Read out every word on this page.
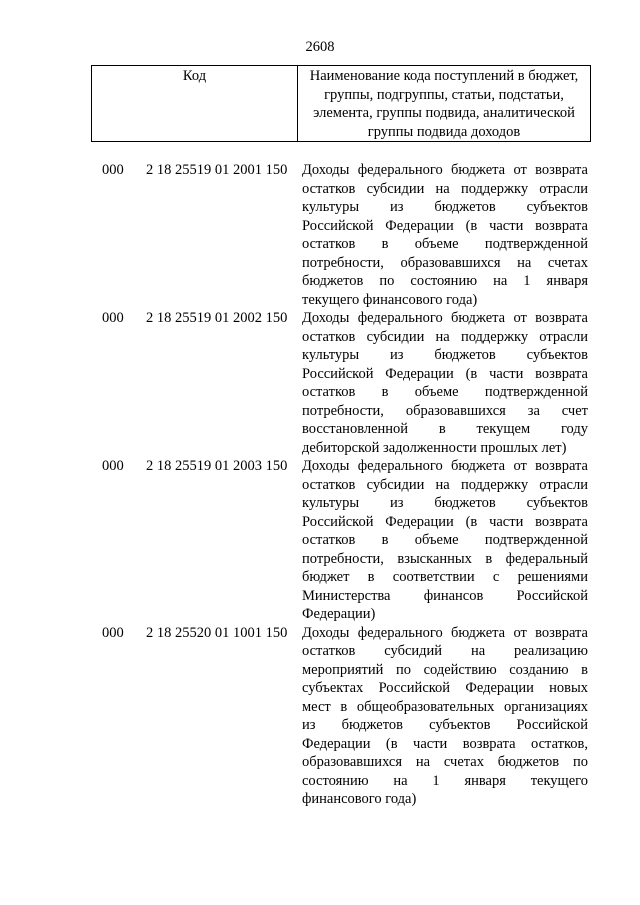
2608
Код	Наименование кода поступлений в бюджет, группы, подгруппы, статьи, подстатьи, элемента, группы подвида, аналитической группы подвида доходов
000 2 18 25519 01 2001 150 Доходы федерального бюджета от возврата
остатков субсидии на поддержку отрасли
культуры из бюджетов субъектов
Российской Федерации (в части возврата
остатков в объеме подтвержденной
потребности, образовавшихся на счетах
бюджетов по состоянию на 1 января
текущего финансового года)
000 2 18 25519 01 2002 150 Доходы федерального бюджета от возврата
остатков субсидии на поддержку отрасли
культуры из бюджетов субъектов
Российской Федерации (в части возврата
остатков в объеме подтвержденной
потребности, образовавшихся за счет
восстановленной в текущем году
дебиторской задолженности прошлых лет)
000 2 18 25519 01 2003 150 Доходы федерального бюджета от возврата
остатков субсидии на поддержку отрасли
культуры из бюджетов субъектов
Российской Федерации (в части возврата
остатков в объеме подтвержденной
потребности, взысканных в федеральный
бюджет в соответствии с решениями
Министерства финансов Российской
Федерации)
000 2 18 25520 01 1001 150 Доходы федерального бюджета от возврата
остатков субсидий на реализацию
мероприятий по содействию созданию в
субъектах Российской Федерации новых
мест в общеобразовательных организациях
из бюджетов субъектов Российской
Федерации (в части возврата остатков,
образовавшихся на счетах бюджетов по
состоянию на 1 января текущего
финансового года)
